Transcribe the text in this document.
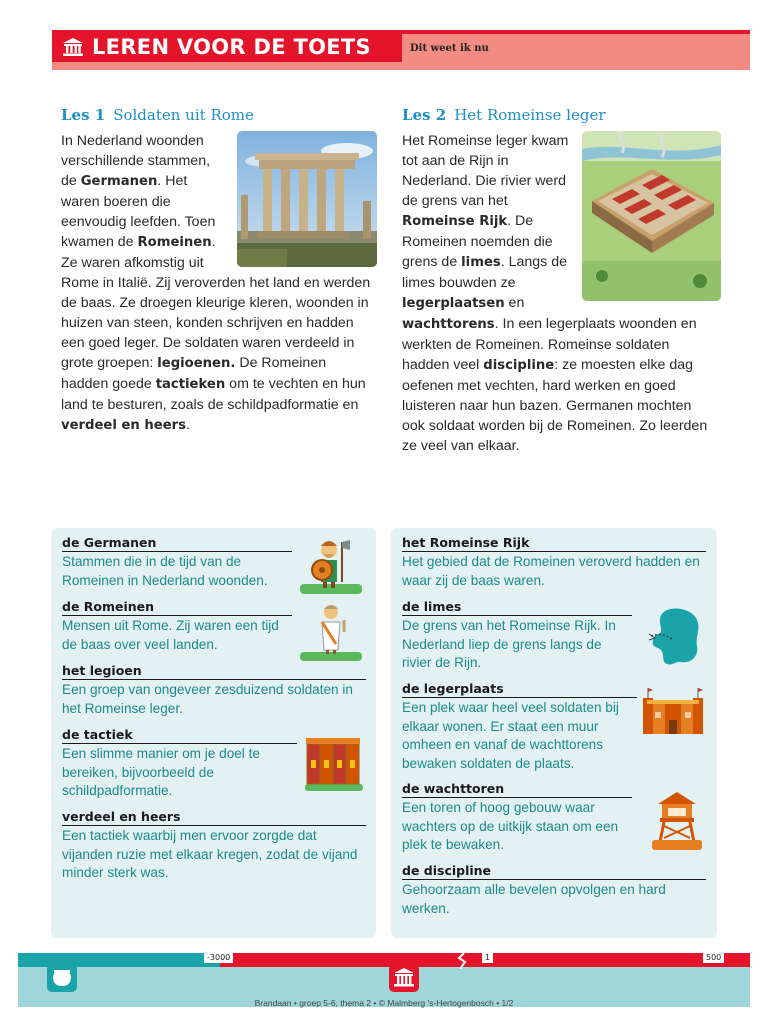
LEREN VOOR DE TOETS	Dit weet ik nu
Les 1 Soldaten uit Rome
In Nederland woonden verschillende stammen, de Germanen. Het waren boeren die eenvoudig leefden. Toen kwamen de Romeinen. Ze waren afkomstig uit Rome in Italië. Zij veroverden het land en werden de baas. Ze droegen kleurige kleren, woonden in huizen van steen, konden schrijven en hadden een goed leger. De soldaten waren verdeeld in grote groepen: legioenen. De Romeinen hadden goede tactieken om te vechten en hun land te besturen, zoals de schildpadformatie en verdeel en heers.
Les 2 Het Romeinse leger
Het Romeinse leger kwam tot aan de Rijn in Nederland. Die rivier werd de grens van het Romeinse Rijk. De Romeinen noemden die grens de limes. Langs de limes bouwden ze legerplaatsen en wachttorens. In een legerplaats woonden en werkten de Romeinen. Romeinse soldaten hadden veel discipline: ze moesten elke dag oefenen met vechten, hard werken en goed luisteren naar hun bazen. Germanen mochten ook soldaat worden bij de Romeinen. Zo leerden ze veel van elkaar.
de Germanen
Stammen die in de tijd van de Romeinen in Nederland woonden.
de Romeinen
Mensen uit Rome. Zij waren een tijd de baas over veel landen.
het legioen
Een groep van ongeveer zesduizend soldaten in het Romeinse leger.
de tactiek
Een slimme manier om je doel te bereiken, bijvoorbeeld de schildpadformatie.
verdeel en heers
Een tactiek waarbij men ervoor zorgde dat vijanden ruzie met elkaar kregen, zodat de vijand minder sterk was.
het Romeinse Rijk
Het gebied dat de Romeinen veroverd hadden en waar zij de baas waren.
de limes
De grens van het Romeinse Rijk. In Nederland liep de grens langs de rivier de Rijn.
de legerplaats
Een plek waar heel veel soldaten bij elkaar wonen. Er staat een muur omheen en vanaf de wachttorens bewaken soldaten de plaats.
de wachttoren
Een toren of hoog gebouw waar wachters op de uitkijk staan om een plek te bewaken.
de discipline
Gehoorzaam alle bevelen opvolgen en hard werken.
-3000	1	500
Brandaan • groep 5-6, thema 2 • © Malmberg 's-Hertogenbosch • 1/2
